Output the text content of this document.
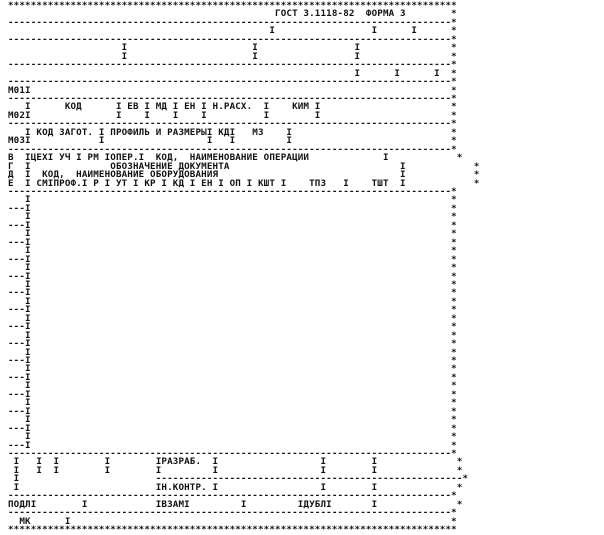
*******************************************************************************
ГОСТ 3.1118-82  ФОРМА 3        *
------------------------------------------------------------------------------*
I                 I      I      *
------------------------------------------------------------------------------*
I                      I                 I                *
I                      I                 I                *
------------------------------------------------------------------------------*
I      I      I  *
------------------------------------------------------------------------------*
M01I                                                                          *
------------------------------------------------------------------------------*
I      КОД      I ЕВ I МД I ЕН I Н.РАСХ.  I    КИМ I                       *
M02I               I    I    I    I          I        I                       *
------------------------------------------------------------------------------*
I КОД ЗАГОТ. I ПРОФИЛЬ И РАЗМЕРЫI КДI   МЗ    I                            *
M03I            I                  I   I         I                            *
------------------------------------------------------------------------------*
В  IЦЕХI УЧ I РМ IОПЕР.I  КОД,  НАИМЕНОВАНИЕ ОПЕРАЦИИ             I            *
Г  I              ОБОЗНАЧЕНИЕ ДОКУМЕНТА                              I            *
Д  I  КОД,  НАИМЕНОВАНИЕ ОБОРУДОВАНИЯ                                I            *
Е  I СМIПРОФ.I Р I УТ I КР I КД I ЕН I ОП I КШТ I    ТПЗ   I    ТШТ  I            *
------------------------------------------------------------------------------*
I                                                                          *
---I                                                                          *
I                                                                          *
---I                                                                          *
I                                                                          *
---I                                                                          *
I                                                                          *
---I                                                                          *
I                                                                          *
---I                                                                          *
I                                                                          *
---I                                                                          *
I                                                                          *
---I                                                                          *
I                                                                          *
---I                                                                          *
I                                                                          *
---I                                                                          *
I                                                                          *
---I                                                                          *
I                                                                          *
---I                                                                          *
I                                                                          *
---I                                                                          *
I                                                                          *
---I                                                                          *
I                                                                          *
---I                                                                          *
I                                                                          *
---I                                                                          *
------------------------------------------------------------------------------*
I   I  I        I        IРАЗРАБ.  I                  I        I              *
I   I  I        I        I         I                  I        I              *
I                        ------------------------------------------------------*
I                        IН.КОНТР. I                  I        I              *
------------------------------------------------------------------------------*
ПОДЛI        I            IВЗАМI         I         IДУБЛI       I              *
------------------------------------------------------------------------------*
МК      I                                                                   *
*******************************************************************************
